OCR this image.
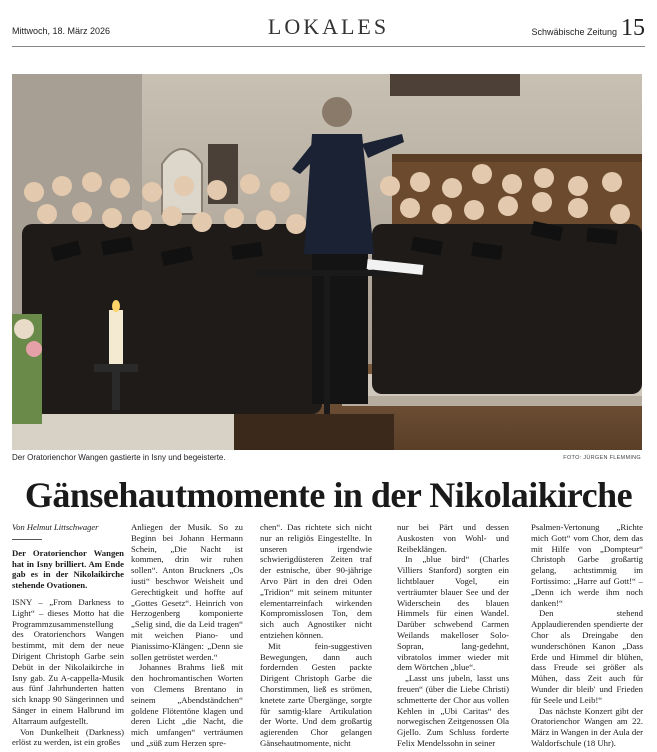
Mittwoch, 18. März 2026	LOKALES	Schwäbische Zeitung 15
Der Oratorienchor Wangen gastierte in Isny und begeisterte.	FOTO: JÜRGEN FLEMMING
Gänsehautmomente in der Nikolaikirche

Von Helmut Littschwager

Der Oratorienchor Wangen hat in Isny brilliert. Am Ende gab es in der Nikolaikirche stehende Ovationen.

ISNY – „From Darkness to Light“ – dieses Motto hat die Programmzusammenstellung des Oratorienchors Wangen bestimmt, mit dem der neue Dirigent Christoph Garbe sein Debüt in der Nikolaikirche in Isny gab. Zu A-cappella-Musik aus fünf Jahrhunderten hatten sich knapp 90 Sängerinnen und Sänger in einem Halbrund im Altarraum aufgestellt.

Von Dunkelheit (Darkness) erlöst zu werden, ist ein großes

Anliegen der Musik. So zu Beginn bei Johann Hermann Schein, „Die Nacht ist kommen, drin wir ruhen sollen“. Anton Bruckners „Os iusti“ beschwor Weisheit und Gerechtigkeit und hoffte auf „Gottes Gesetz“. Heinrich von Herzogenberg komponierte „Selig sind, die da Leid tragen“ mit weichen Piano- und Pianissimo-Klängen: „Denn sie sollen getröstet werden.“

Johannes Brahms ließ mit den hochromantischen Worten von Clemens Brentano in seinem „Abendständchen“ goldene Flötentöne klagen und deren Licht „die Nacht, die mich umfangen“ verträumen und „süß zum Herzen spre-

chen“. Das richtete sich nicht nur an religiös Eingestellte. In unseren irgendwie schwierigdüsteren Zeiten traf der estnische, über 90-jährige Arvo Pärt in den drei Oden „Tridion“ mit seinem mitunter elementarreinfach wirkenden Kompromisslosen Ton, dem sich auch Agnostiker nicht entziehen können.

Mit fein-suggestiven Bewegungen, dann auch fordernden Gesten packte Dirigent Christoph Garbe die Chorstimmen, ließ es strömen, knetete zarte Übergänge, sorgte für samtig-klare Artikulation der Worte. Und dem großartig agierenden Chor gelangen Gänsehautmomente, nicht

nur bei Pärt und dessen Auskosten von Wohl- und Reibeklängen.

In „blue bird“ (Charles Villiers Stanford) sorgten ein lichtblauer Vogel, ein verträumter blauer See und der Widerschein des blauen Himmels für einen Wandel. Darüber schwebend Carmen Weilands makelloser Solo-Sopran, lang-gedehnt, vibratolos immer wieder mit dem Wörtchen „blue“.

„Lasst uns jubeln, lasst uns freuen“ (über die Liebe Christi) schmetterte der Chor aus vollen Kehlen in „Ubi Caritas“ des norwegischen Zeitgenossen Ola Gjello. Zum Schluss forderte Felix Mendelssohn in seiner

Psalmen-Vertonung „Richte mich Gott“ vom Chor, dem das mit Hilfe von „Dompteur“ Christoph Garbe großartig gelang, achtstimmig im Fortissimo: „Harre auf Gott!“ – „Denn ich werde ihm noch danken!“

Den stehend Applaudierenden spendierte der Chor als Dreingabe den wunderschönen Kanon „Dass Erde und Himmel dir blühen, dass Freude sei größer als Mühen, dass Zeit auch für Wunder dir bleib' und Frieden für Seele und Leib!“

Das nächste Konzert gibt der Oratorienchor Wangen am 22. März in Wangen in der Aula der Waldorfschule (18 Uhr).
